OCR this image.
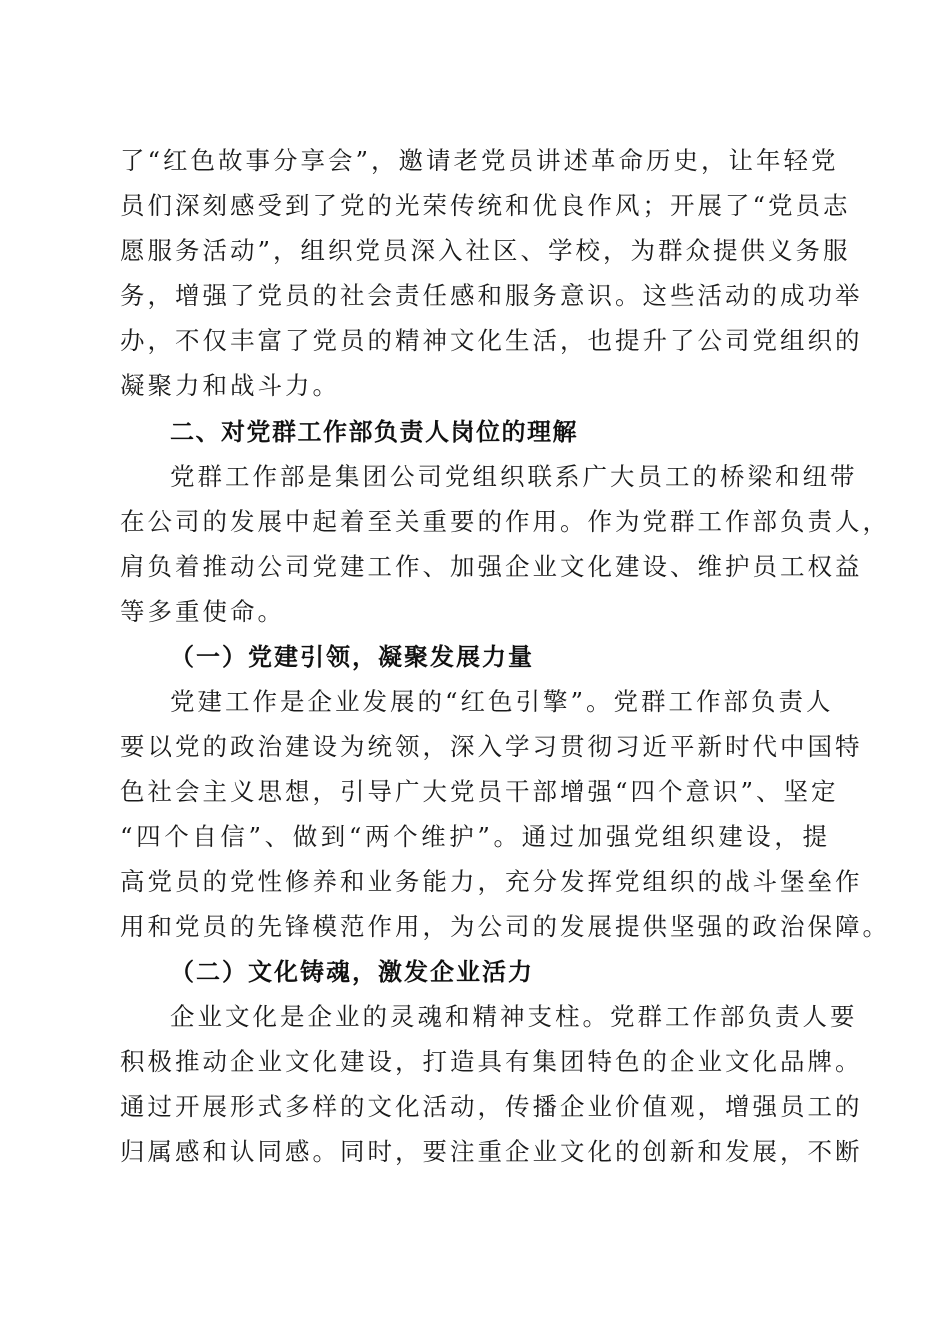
了“红色故事分享会”，邀请老党员讲述革命历史，让年轻党
员们深刻感受到了党的光荣传统和优良作风；开展了“党员志
愿服务活动”，组织党员深入社区、学校，为群众提供义务服
务，增强了党员的社会责任感和服务意识。这些活动的成功举
办，不仅丰富了党员的精神文化生活，也提升了公司党组织的
凝聚力和战斗力。
二、对党群工作部负责人岗位的理解
党群工作部是集团公司党组织联系广大员工的桥梁和纽带
在公司的发展中起着至关重要的作用。作为党群工作部负责人，
肩负着推动公司党建工作、加强企业文化建设、维护员工权益
等多重使命。
（一）党建引领，凝聚发展力量
党建工作是企业发展的“红色引擎”。党群工作部负责人
要以党的政治建设为统领，深入学习贯彻习近平新时代中国特
色社会主义思想，引导广大党员干部增强“四个意识”、坚定
“四个自信”、做到“两个维护”。通过加强党组织建设，提
高党员的党性修养和业务能力，充分发挥党组织的战斗堡垒作
用和党员的先锋模范作用，为公司的发展提供坚强的政治保障。
（二）文化铸魂，激发企业活力
企业文化是企业的灵魂和精神支柱。党群工作部负责人要
积极推动企业文化建设，打造具有集团特色的企业文化品牌。
通过开展形式多样的文化活动，传播企业价值观，增强员工的
归属感和认同感。同时，要注重企业文化的创新和发展，不断
